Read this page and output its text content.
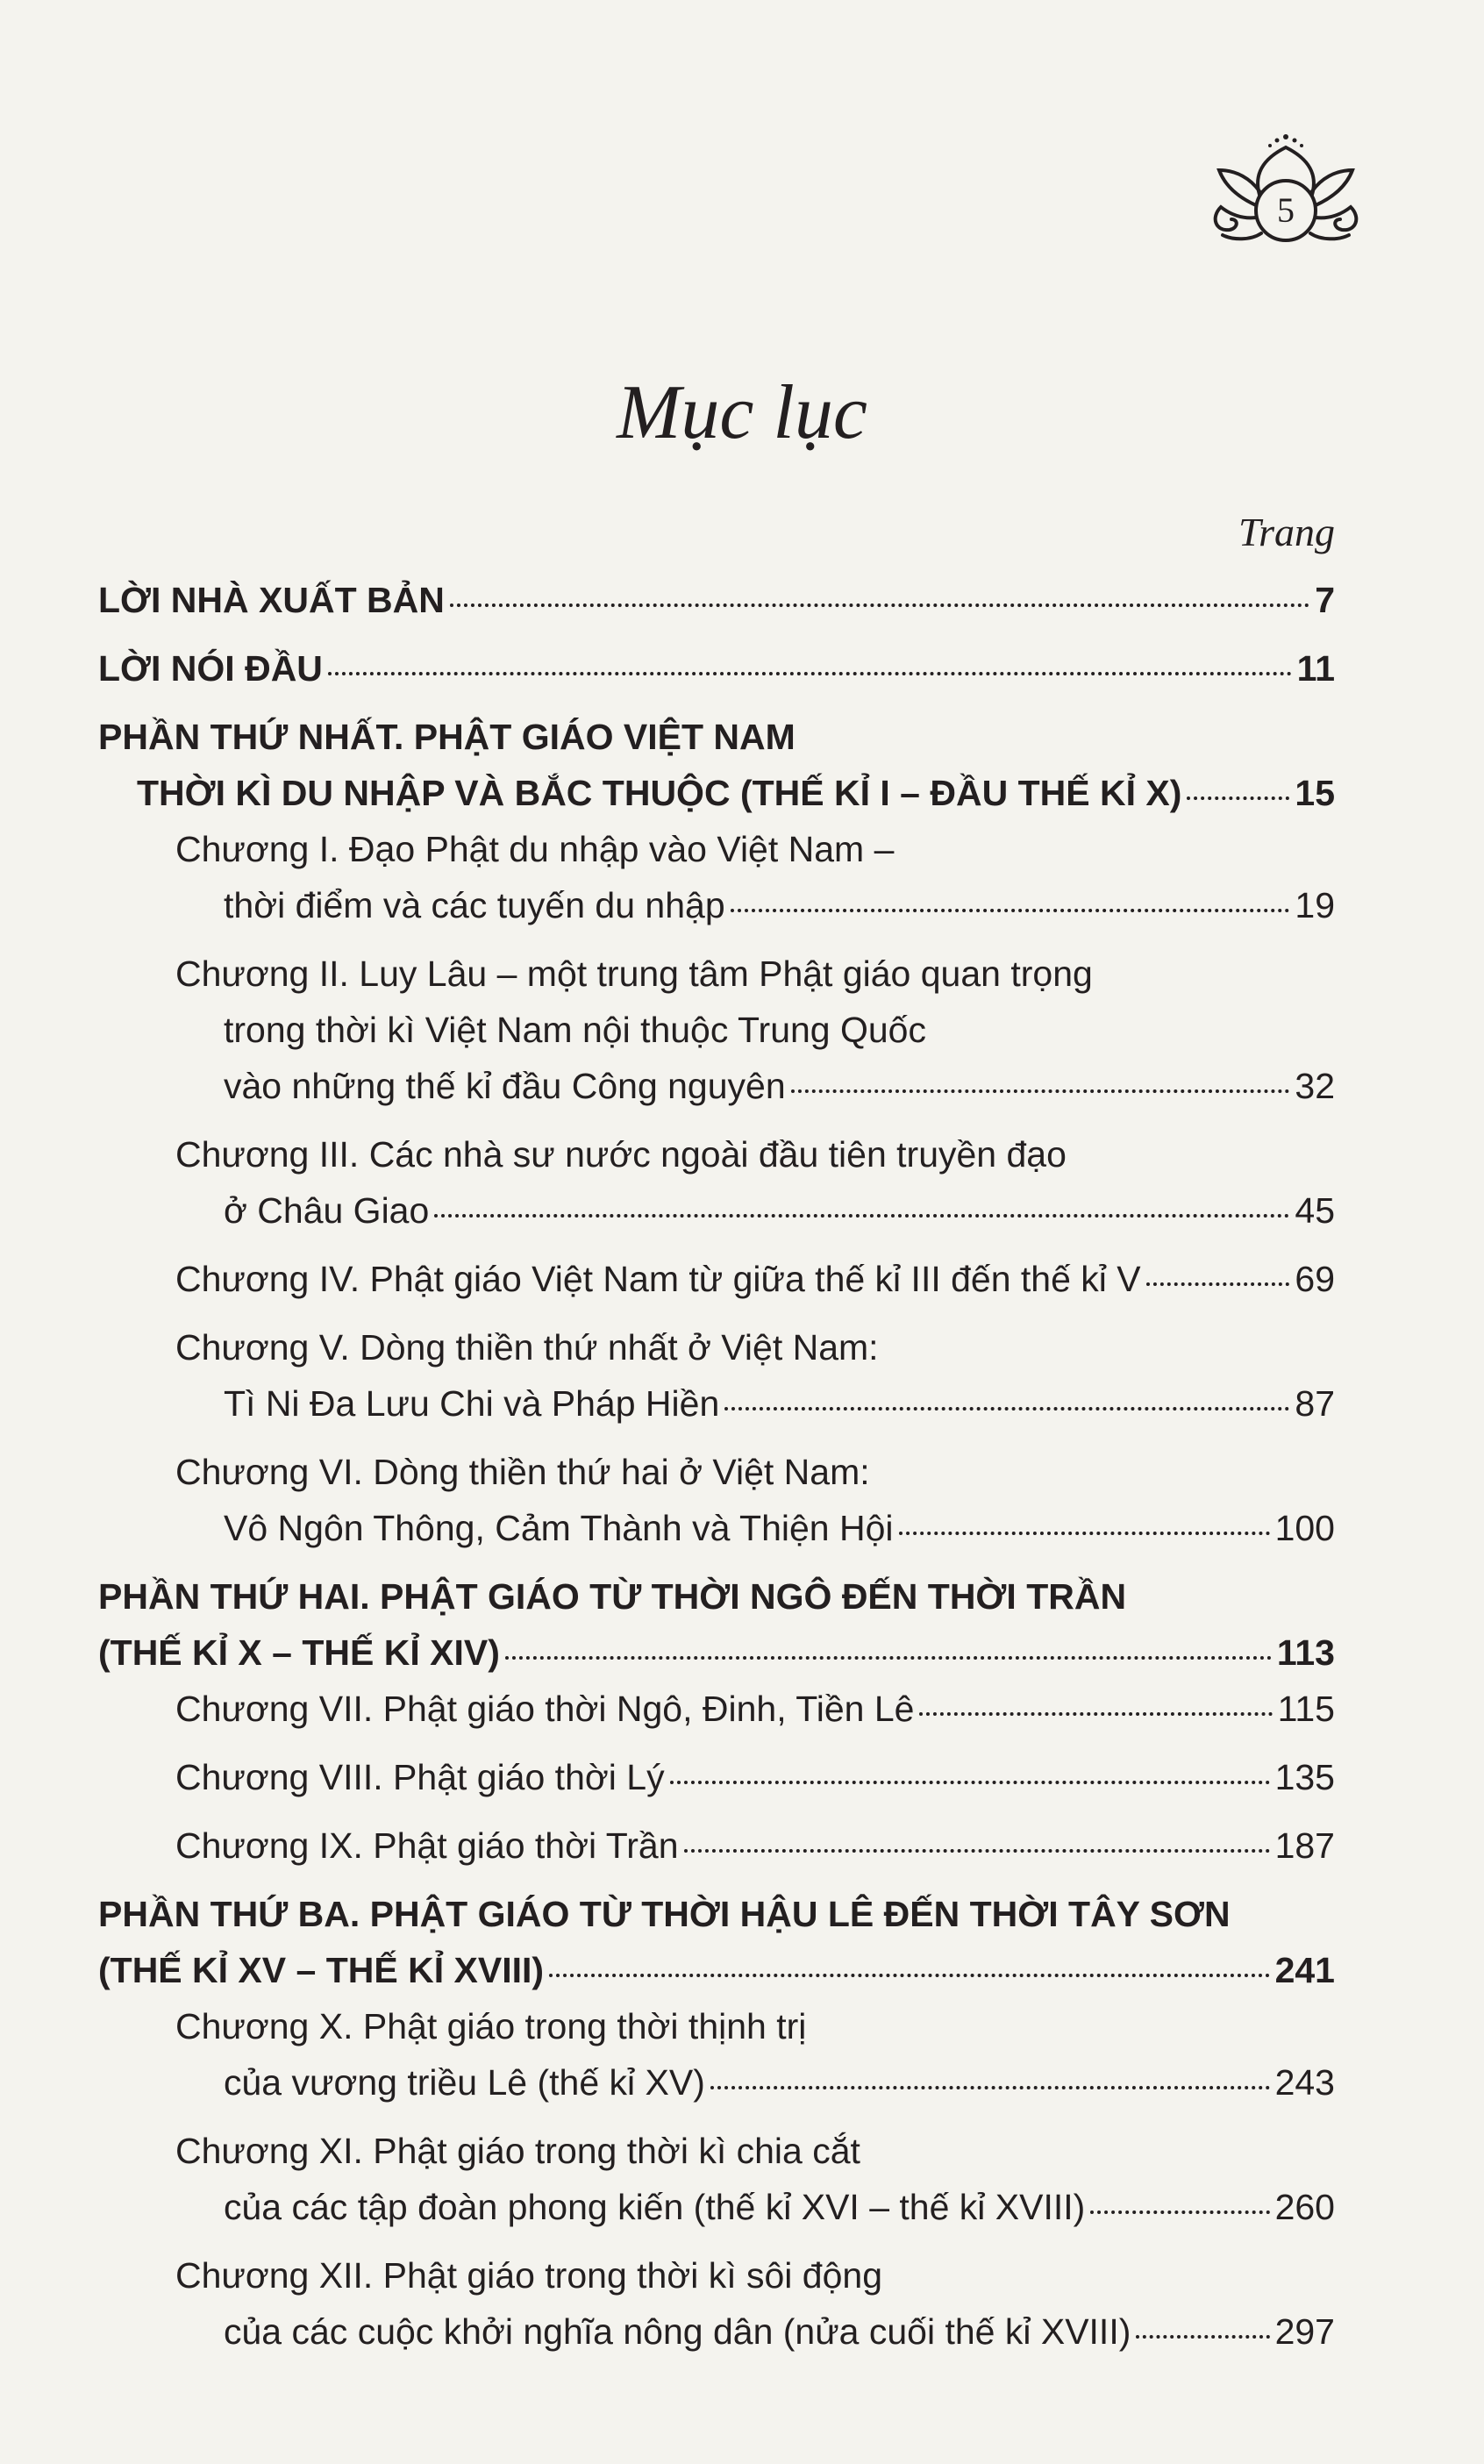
5
Mục lục
Trang
LỜI NHÀ XUẤT BẢN	7
LỜI NÓI ĐẦU	11
PHẦN THỨ NHẤT. PHẬT GIÁO VIỆT NAM
THỜI KÌ DU NHẬP VÀ BẮC THUỘC (THẾ KỈ I – ĐẦU THẾ KỈ X)	15
Chương I. Đạo Phật du nhập vào Việt Nam –
thời điểm và các tuyến du nhập	19
Chương II. Luy Lâu – một trung tâm Phật giáo quan trọng
trong thời kì Việt Nam nội thuộc Trung Quốc
vào những thế kỉ đầu Công nguyên	32
Chương III. Các nhà sư nước ngoài đầu tiên truyền đạo
ở Châu Giao	45
Chương IV. Phật giáo Việt Nam từ giữa thế kỉ III đến thế kỉ V	69
Chương V. Dòng thiền thứ nhất ở Việt Nam:
Tì Ni Đa Lưu Chi và Pháp Hiền	87
Chương VI. Dòng thiền thứ hai ở Việt Nam:
Vô Ngôn Thông, Cảm Thành và Thiện Hội	100
PHẦN THỨ HAI. PHẬT GIÁO TỪ THỜI NGÔ ĐẾN THỜI TRẦN
(THẾ KỈ X – THẾ KỈ XIV)	113
Chương VII. Phật giáo thời Ngô, Đinh, Tiền Lê	115
Chương VIII. Phật giáo thời Lý	135
Chương IX. Phật giáo thời Trần	187
PHẦN THỨ BA. PHẬT GIÁO TỪ THỜI HẬU LÊ ĐẾN THỜI TÂY SƠN
(THẾ KỈ XV – THẾ KỈ XVIII)	241
Chương X. Phật giáo trong thời thịnh trị
của vương triều Lê (thế kỉ XV)	243
Chương XI. Phật giáo trong thời kì chia cắt
của các tập đoàn phong kiến (thế kỉ XVI – thế kỉ XVIII)	260
Chương XII. Phật giáo trong thời kì sôi động
của các cuộc khởi nghĩa nông dân (nửa cuối thế kỉ XVIII)	297
